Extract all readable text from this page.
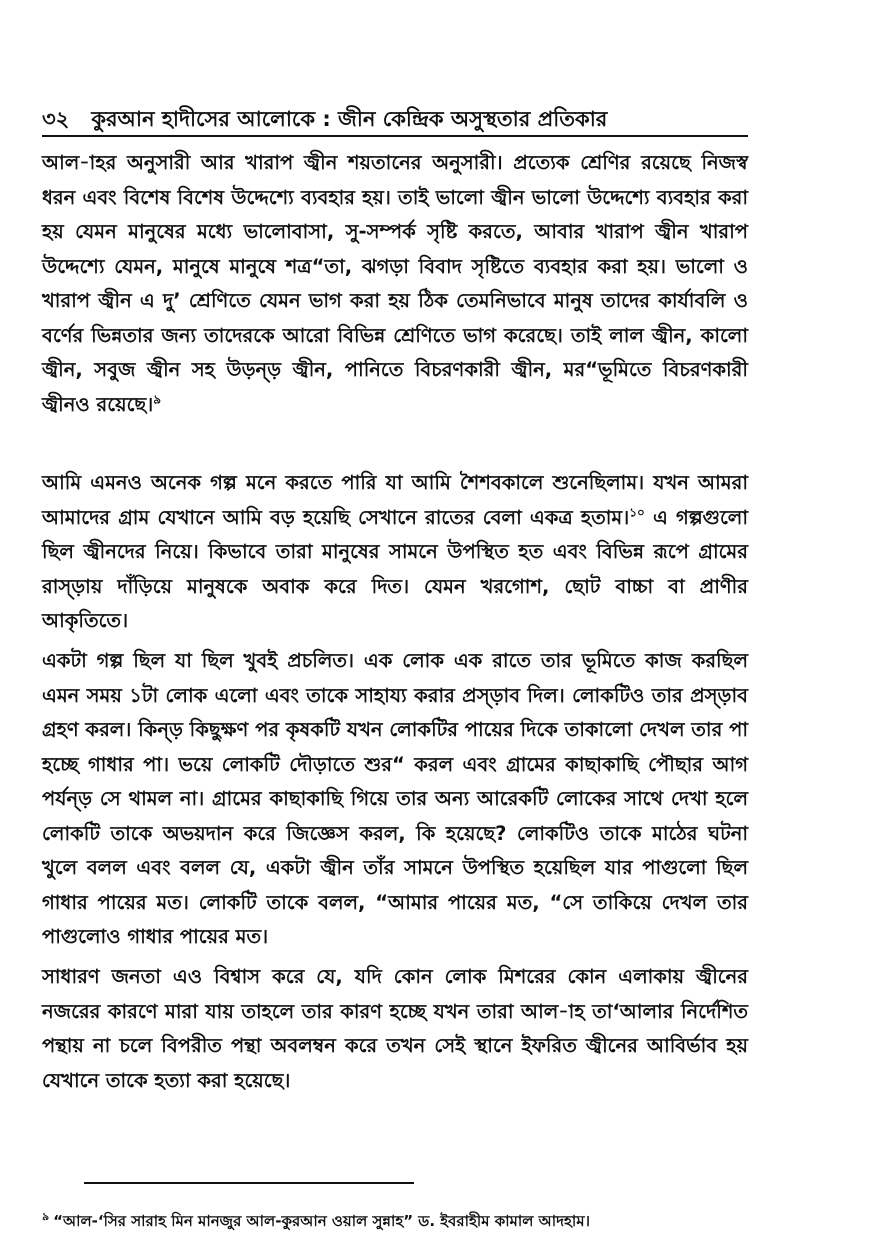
৩২ কুরআন হাদীসের আলোকে : জীন কেন্দ্রিক অসুস্থতার প্রতিকার

আল-াহর অনুসারী আর খারাপ জ্বীন শয়তানের অনুসারী। প্রত্যেক শ্রেণির রয়েছে নিজস্ব ধরন এবং বিশেষ বিশেষ উদ্দেশ্যে ব্যবহার হয়। তাই ভালো জ্বীন ভালো উদ্দেশ্যে ব্যবহার করা হয় যেমন মানুষের মধ্যে ভালোবাসা, সু-সম্পর্ক সৃষ্টি করতে, আবার খারাপ জ্বীন খারাপ উদ্দেশ্যে যেমন, মানুষে মানুষে শত্র“তা, ঝগড়া বিবাদ সৃষ্টিতে ব্যবহার করা হয়। ভালো ও খারাপ জ্বীন এ দু’ শ্রেণিতে যেমন ভাগ করা হয় ঠিক তেমনিভাবে মানুষ তাদের কার্যাবলি ও বর্ণের ভিন্নতার জন্য তাদেরকে আরো বিভিন্ন শ্রেণিতে ভাগ করেছে। তাই লাল জ্বীন, কালো জ্বীন, সবুজ জ্বীন সহ উড়ন্ড় জ্বীন, পানিতে বিচরণকারী জ্বীন, মর“ভূমিতে বিচরণকারী জ্বীনও রয়েছে।$^৯$

আমি এমনও অনেক গল্প মনে করতে পারি যা আমি শৈশবকালে শুনেছিলাম। যখন আমরা আমাদের গ্রাম যেখানে আমি বড় হয়েছি সেখানে রাতের বেলা একত্র হতাম।$^{১০}$ এ গল্পগুলো ছিল জ্বীনদের নিয়ে। কিভাবে তারা মানুষের সামনে উপস্থিত হত এবং বিভিন্ন রূপে গ্রামের রাস্ড়ায় দাঁড়িয়ে মানুষকে অবাক করে দিত। যেমন খরগোশ, ছোট বাচ্চা বা প্রাণীর আকৃতিতে।

একটা গল্প ছিল যা ছিল খুবই প্রচলিত। এক লোক এক রাতে তার ভূমিতে কাজ করছিল এমন সময় ১টা লোক এলো এবং তাকে সাহায্য করার প্রস্ড়াব দিল। লোকটিও তার প্রস্ড়াব গ্রহণ করল। কিন্ড় কিছুক্ষণ পর কৃষকটি যখন লোকটির পায়ের দিকে তাকালো দেখল তার পা হচ্ছে গাধার পা। ভয়ে লোকটি দৌড়াতে শুর“ করল এবং গ্রামের কাছাকাছি পৌছার আগ পর্যন্ড় সে থামল না। গ্রামের কাছাকাছি গিয়ে তার অন্য আরেকটি লোকের সাথে দেখা হলে লোকটি তাকে অভয়দান করে জিজ্ঞেস করল, কি হয়েছে? লোকটিও তাকে মাঠের ঘটনা খুলে বলল এবং বলল যে, একটা জ্বীন তাঁর সামনে উপস্থিত হয়েছিল যার পাগুলো ছিল গাধার পায়ের মত। লোকটি তাকে বলল, “আমার পায়ের মত, “সে তাকিয়ে দেখল তার পাগুলোও গাধার পায়ের মত।

সাধারণ জনতা এও বিশ্বাস করে যে, যদি কোন লোক মিশরের কোন এলাকায় জ্বীনের নজরের কারণে মারা যায় তাহলে তার কারণ হচ্ছে যখন তারা আল-াহ তা‘আলার নির্দেশিত পন্থায় না চলে বিপরীত পন্থা অবলম্বন করে তখন সেই স্থানে ইফরিত জ্বীনের আবির্ভাব হয় যেখানে তাকে হত্যা করা হয়েছে।

$^৯$ “আল-‘সির সারাহ মিন মানজুর আল-কুরআন ওয়াল সুন্নাহ” ড. ইবরাহীম কামাল আদহাম।
